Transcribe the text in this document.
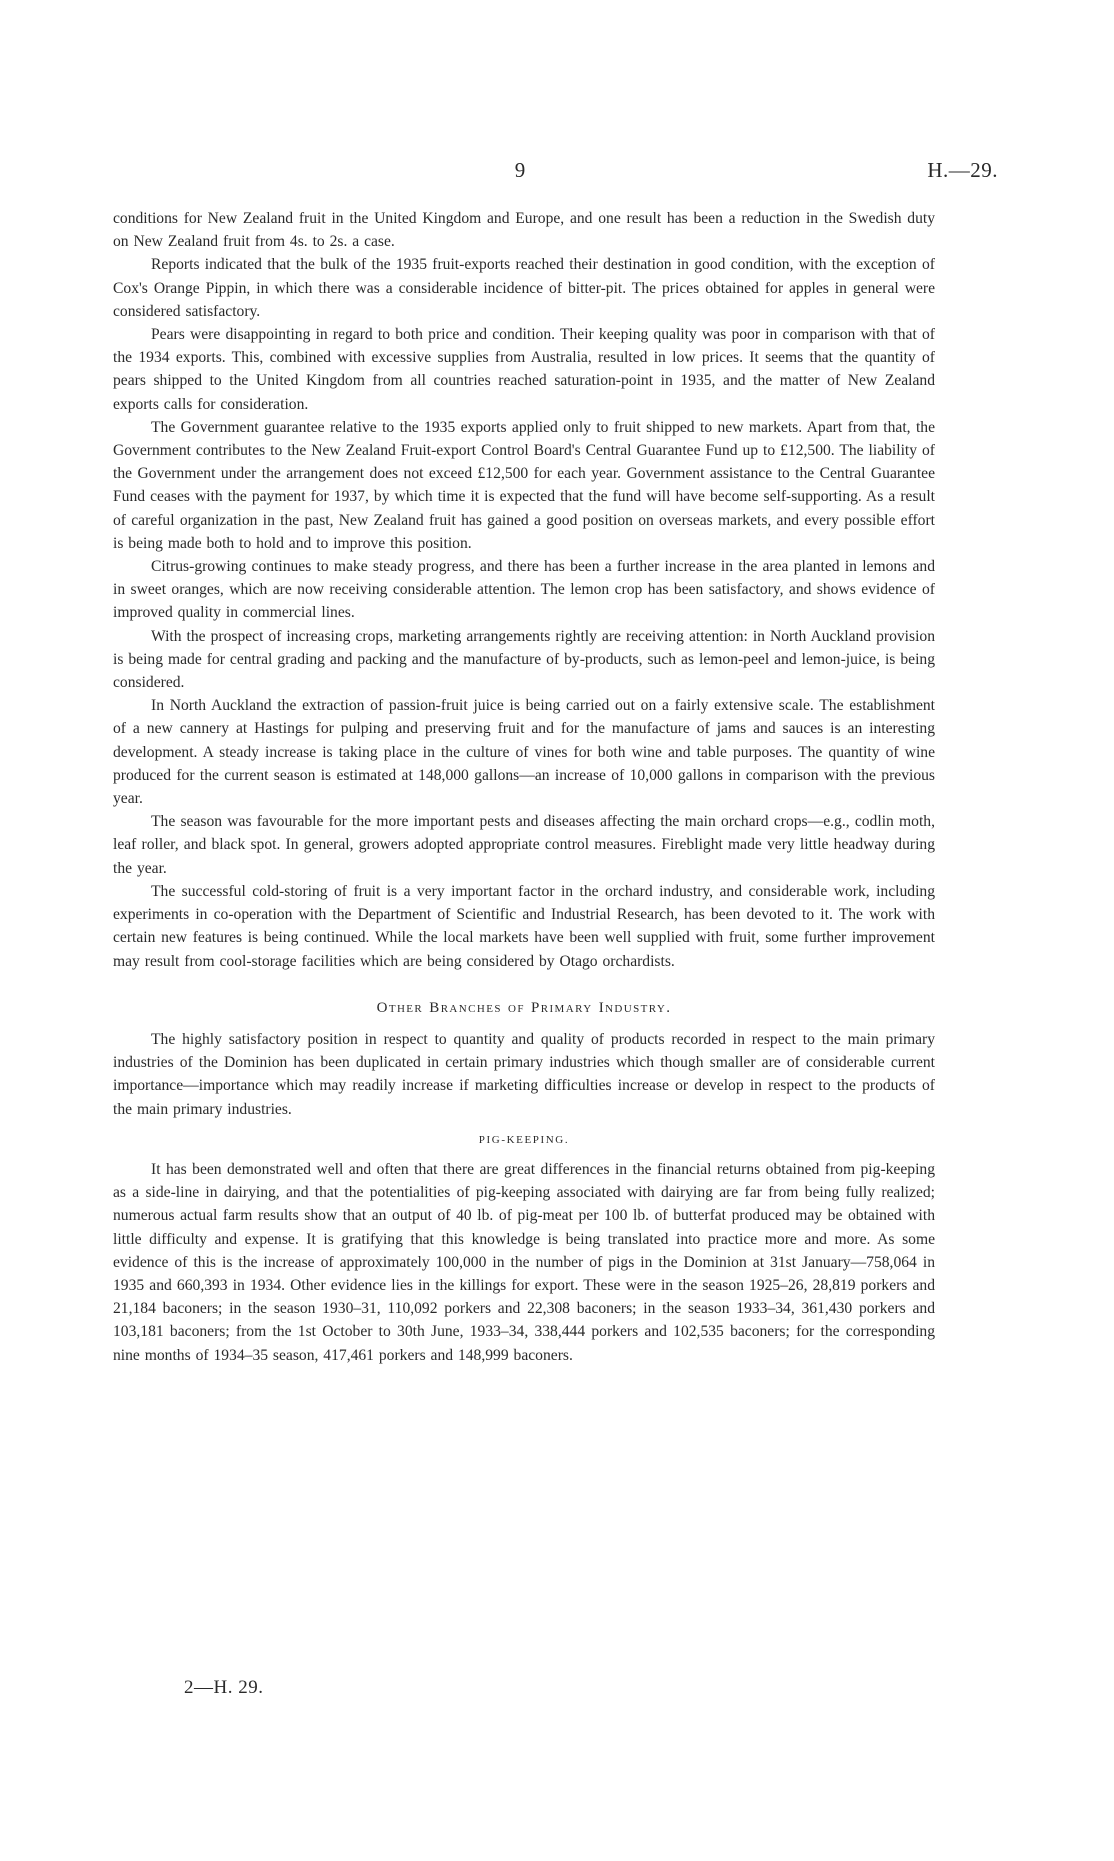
9	H.—29.

conditions for New Zealand fruit in the United Kingdom and Europe, and one result has been a reduction in the Swedish duty on New Zealand fruit from 4s. to 2s. a case.

Reports indicated that the bulk of the 1935 fruit-exports reached their destination in good condition, with the exception of Cox's Orange Pippin, in which there was a considerable incidence of bitter-pit. The prices obtained for apples in general were considered satisfactory.

Pears were disappointing in regard to both price and condition. Their keeping quality was poor in comparison with that of the 1934 exports. This, combined with excessive supplies from Australia, resulted in low prices. It seems that the quantity of pears shipped to the United Kingdom from all countries reached saturation-point in 1935, and the matter of New Zealand exports calls for consideration.

The Government guarantee relative to the 1935 exports applied only to fruit shipped to new markets. Apart from that, the Government contributes to the New Zealand Fruit-export Control Board's Central Guarantee Fund up to £12,500. The liability of the Government under the arrangement does not exceed £12,500 for each year. Government assistance to the Central Guarantee Fund ceases with the payment for 1937, by which time it is expected that the fund will have become self-supporting. As a result of careful organization in the past, New Zealand fruit has gained a good position on overseas markets, and every possible effort is being made both to hold and to improve this position.

Citrus-growing continues to make steady progress, and there has been a further increase in the area planted in lemons and in sweet oranges, which are now receiving considerable attention. The lemon crop has been satisfactory, and shows evidence of improved quality in commercial lines.

With the prospect of increasing crops, marketing arrangements rightly are receiving attention: in North Auckland provision is being made for central grading and packing and the manufacture of by-products, such as lemon-peel and lemon-juice, is being considered.

In North Auckland the extraction of passion-fruit juice is being carried out on a fairly extensive scale. The establishment of a new cannery at Hastings for pulping and preserving fruit and for the manufacture of jams and sauces is an interesting development. A steady increase is taking place in the culture of vines for both wine and table purposes. The quantity of wine produced for the current season is estimated at 148,000 gallons—an increase of 10,000 gallons in comparison with the previous year.

The season was favourable for the more important pests and diseases affecting the main orchard crops—e.g., codlin moth, leaf roller, and black spot. In general, growers adopted appropriate control measures. Fireblight made very little headway during the year.

The successful cold-storing of fruit is a very important factor in the orchard industry, and considerable work, including experiments in co-operation with the Department of Scientific and Industrial Research, has been devoted to it. The work with certain new features is being continued. While the local markets have been well supplied with fruit, some further improvement may result from cool-storage facilities which are being considered by Otago orchardists.

Other Branches of Primary Industry.

The highly satisfactory position in respect to quantity and quality of products recorded in respect to the main primary industries of the Dominion has been duplicated in certain primary industries which though smaller are of considerable current importance—importance which may readily increase if marketing difficulties increase or develop in respect to the products of the main primary industries.

PIG-KEEPING.

It has been demonstrated well and often that there are great differences in the financial returns obtained from pig-keeping as a side-line in dairying, and that the potentialities of pig-keeping associated with dairying are far from being fully realized; numerous actual farm results show that an output of 40 lb. of pig-meat per 100 lb. of butterfat produced may be obtained with little difficulty and expense. It is gratifying that this knowledge is being translated into practice more and more. As some evidence of this is the increase of approximately 100,000 in the number of pigs in the Dominion at 31st January—758,064 in 1935 and 660,393 in 1934. Other evidence lies in the killings for export. These were in the season 1925–26, 28,819 porkers and 21,184 baconers; in the season 1930–31, 110,092 porkers and 22,308 baconers; in the season 1933–34, 361,430 porkers and 103,181 baconers; from the 1st October to 30th June, 1933–34, 338,444 porkers and 102,535 baconers; for the corresponding nine months of 1934–35 season, 417,461 porkers and 148,999 baconers.

2—H. 29.
